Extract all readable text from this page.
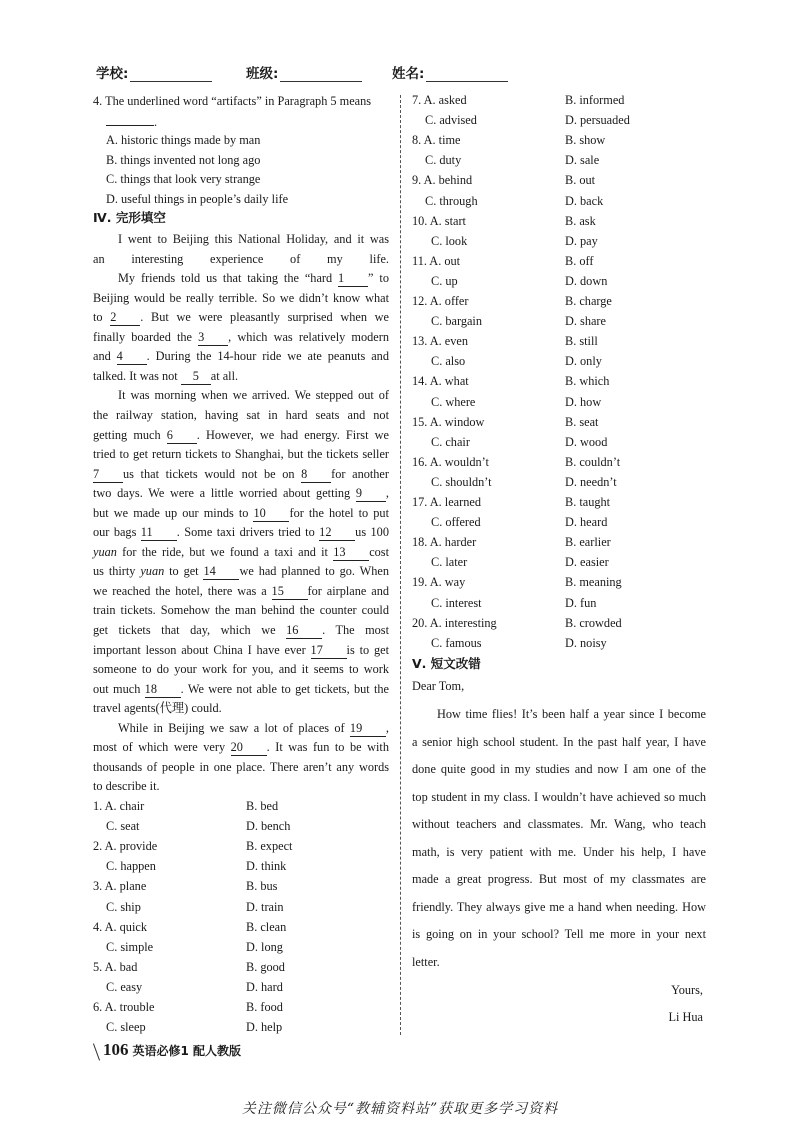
学校:	班级:	姓名:
4. The underlined word “artifacts” in Paragraph 5 means
.
A. historic things made by man
B. things invented not long ago
C. things that look very strange
D. useful things in people’s daily life
Ⅳ. 完形填空
I went to Beijing this National Holiday, and it was
an interesting experience of my life.
My friends told us that taking the “hard 1 ” to
Beijing would be really terrible. So we didn’t know what
to 2 . But we were pleasantly surprised when we
finally boarded the 3 , which was relatively modern
and 4 . During the 14-hour ride we ate peanuts and
talked. It was not 5 at all.
It was morning when we arrived. We stepped out of
the railway station, having sat in hard seats and not
getting much 6 . However, we had energy. First we
tried to get return tickets to Shanghai, but the tickets seller
7 us that tickets would not be on 8 for another
two days. We were a little worried about getting 9 ,
but we made up our minds to 10 for the hotel to put
our bags 11 . Some taxi drivers tried to 12 us 100
yuan for the ride, but we found a taxi and it 13 cost
us thirty yuan to get 14 we had planned to go. When
we reached the hotel, there was a 15 for airplane and
train tickets. Somehow the man behind the counter could
get tickets that day, which we 16 . The most
important lesson about China I have ever 17 is to get
someone to do your work for you, and it seems to work
out much 18 . We were not able to get tickets, but the
travel agents(代理) could.
While in Beijing we saw a lot of places of 19 ,
most of which were very 20 . It was fun to be with
thousands of people in one place. There aren’t any words
to describe it.
1. A. chair	B. bed
C. seat	D. bench
2. A. provide	B. expect
C. happen	D. think
3. A. plane	B. bus
C. ship	D. train
4. A. quick	B. clean
C. simple	D. long
5. A. bad	B. good
C. easy	D. hard
6. A. trouble	B. food
C. sleep	D. help
7. A. asked	B. informed
C. advised	D. persuaded
8. A. time	B. show
C. duty	D. sale
9. A. behind	B. out
C. through	D. back
10. A. start	B. ask
C. look	D. pay
11. A. out	B. off
C. up	D. down
12. A. offer	B. charge
C. bargain	D. share
13. A. even	B. still
C. also	D. only
14. A. what	B. which
C. where	D. how
15. A. window	B. seat
C. chair	D. wood
16. A. wouldn’t	B. couldn’t
C. shouldn’t	D. needn’t
17. A. learned	B. taught
C. offered	D. heard
18. A. harder	B. earlier
C. later	D. easier
19. A. way	B. meaning
C. interest	D. fun
20. A. interesting	B. crowded
C. famous	D. noisy
Ⅴ. 短文改错
Dear Tom,
How time flies! It’s been half a year since I become
a senior high school student. In the past half year, I have
done quite good in my studies and now I am one of the
top student in my class. I wouldn’t have achieved so much
without teachers and classmates. Mr. Wang, who teach
math, is very patient with me. Under his help, I have
made a great progress. But most of my classmates are
friendly. They always give me a hand when needing. How
is going on in your school? Tell me more in your next
letter.
Yours,
Li Hua
106 英语必修1 配人教版
关注微信公众号“教辅资料站”获取更多学习资料
